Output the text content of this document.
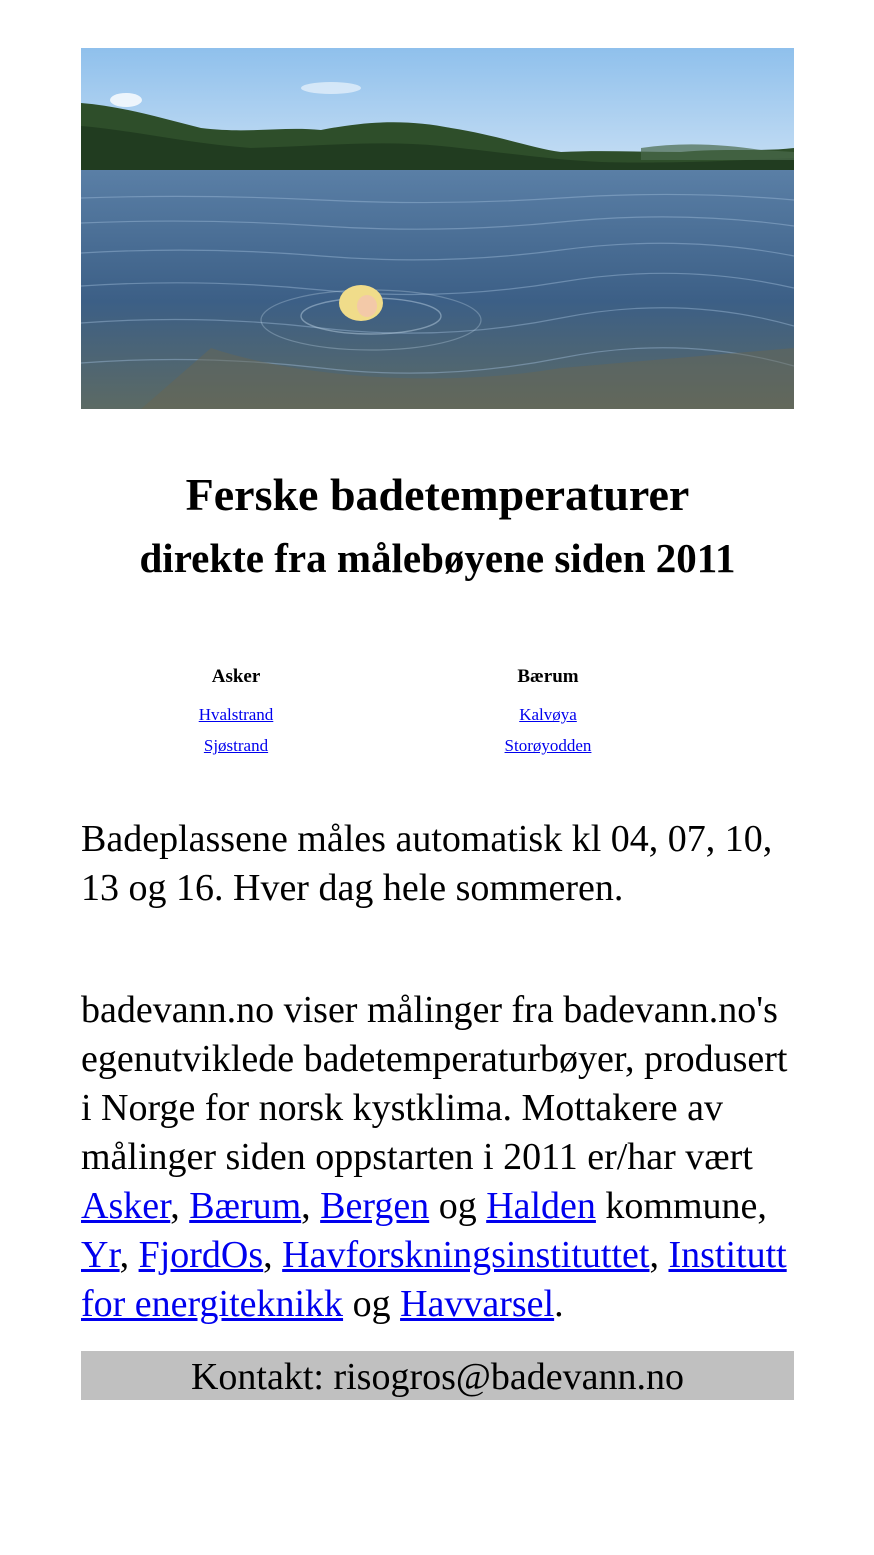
Ferske badetemperaturer
direkte fra målebøyene siden 2011
Asker
Hvalstrand
Sjøstrand
Bærum
Kalvøya
Storøyodden

Badeplassene måles automatisk kl 04, 07, 10, 13 og 16. Hver dag hele sommeren.

badevann.no viser målinger fra badevann.no's egenutviklede badetemperaturbøyer, produsert i Norge for norsk kystklima. Mottakere av målinger siden oppstarten i 2011 er/har vært Asker, Bærum, Bergen og Halden kommune, Yr, FjordOs, Havforskningsinstituttet, Institutt for energiteknikk og Havvarsel.

Kontakt: risogros@badevann.no
